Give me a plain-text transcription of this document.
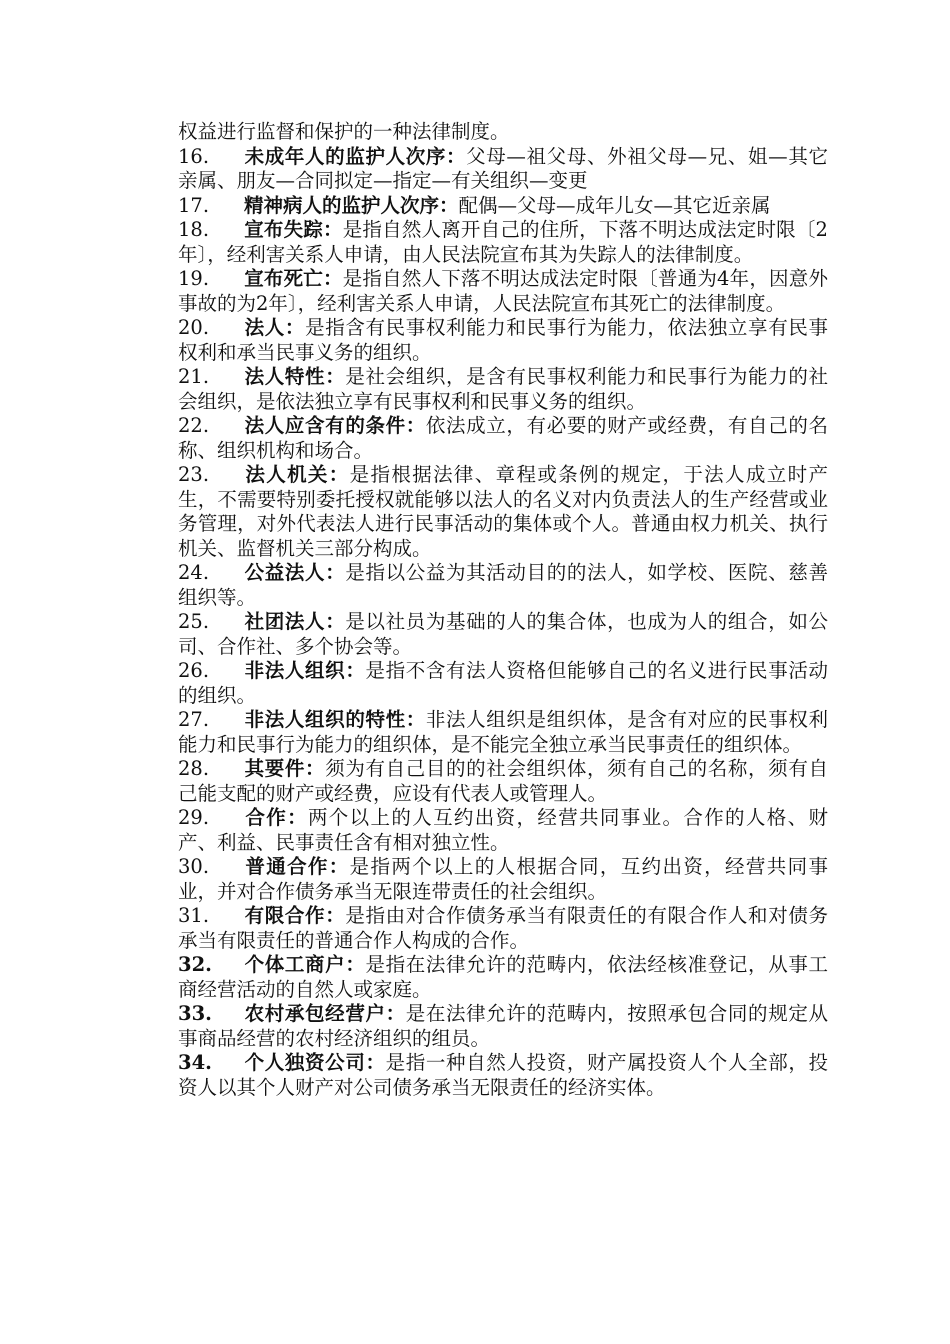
权益进行监督和保护的一种法律制度。

16. 未成年人的监护人次序：父母—祖父母、外祖父母—兄、姐—其它亲属、朋友—合同拟定—指定—有关组织—变更

17. 精神病人的监护人次序：配偶—父母—成年儿女—其它近亲属

18. 宣布失踪：是指自然人离开自己的住所，下落不明达成法定时限〔2年〕，经利害关系人申请，由人民法院宣布其为失踪人的法律制度。

19. 宣布死亡：是指自然人下落不明达成法定时限〔普通为4年，因意外事故的为2年〕，经利害关系人申请，人民法院宣布其死亡的法律制度。

20. 法人：是指含有民事权利能力和民事行为能力，依法独立享有民事权利和承当民事义务的组织。

21. 法人特性：是社会组织，是含有民事权利能力和民事行为能力的社会组织，是依法独立享有民事权利和民事义务的组织。

22. 法人应含有的条件：依法成立，有必要的财产或经费，有自己的名称、组织机构和场合。

23. 法人机关：是指根据法律、章程或条例的规定，于法人成立时产生，不需要特别委托授权就能够以法人的名义对内负责法人的生产经营或业务管理，对外代表法人进行民事活动的集体或个人。普通由权力机关、执行机关、监督机关三部分构成。

24. 公益法人：是指以公益为其活动目的的法人，如学校、医院、慈善组织等。

25. 社团法人：是以社员为基础的人的集合体，也成为人的组合，如公司、合作社、多个协会等。

26. 非法人组织：是指不含有法人资格但能够自己的名义进行民事活动的组织。

27. 非法人组织的特性：非法人组织是组织体，是含有对应的民事权利能力和民事行为能力的组织体，是不能完全独立承当民事责任的组织体。

28. 其要件：须为有自己目的的社会组织体，须有自己的名称，须有自己能支配的财产或经费，应设有代表人或管理人。

29. 合作：两个以上的人互约出资，经营共同事业。合作的人格、财产、利益、民事责任含有相对独立性。

30. 普通合作：是指两个以上的人根据合同，互约出资，经营共同事业，并对合作债务承当无限连带责任的社会组织。

31. 有限合作：是指由对合作债务承当有限责任的有限合作人和对债务承当有限责任的普通合作人构成的合作。

32. 个体工商户：是指在法律允许的范畴内，依法经核准登记，从事工商经营活动的自然人或家庭。

33. 农村承包经营户：是在法律允许的范畴内，按照承包合同的规定从事商品经营的农村经济组织的组员。

34. 个人独资公司：是指一种自然人投资，财产属投资人个人全部，投资人以其个人财产对公司债务承当无限责任的经济实体。
